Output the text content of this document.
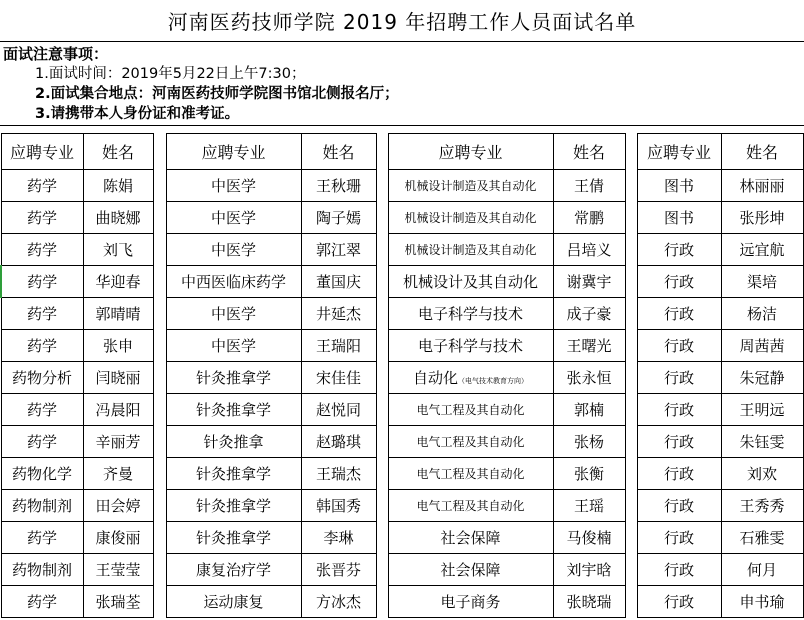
河南医药技师学院 2019 年招聘工作人员面试名单
面试注意事项：
1.面试时间：2019年5月22日上午7:30；
2.面试集合地点：河南医药技师学院图书馆北侧报名厅；
3.请携带本人身份证和准考证。
应聘专业	姓名		应聘专业	姓名		应聘专业	姓名		应聘专业	姓名
药学	陈娟		中医学	王秋珊		机械设计制造及其自动化	王倩		图书	林丽丽
药学	曲晓娜		中医学	陶子嫣		机械设计制造及其自动化	常鹏		图书	张彤坤
药学	刘飞		中医学	郭江翠		机械设计制造及其自动化	吕培义		行政	远宜航
药学	华迎春		中西医临床药学	董国庆		机械设计及其自动化	谢冀宇		行政	渠培
药学	郭晴晴		中医学	井延杰		电子科学与技术	成子豪		行政	杨洁
药学	张申		中医学	王瑞阳		电子科学与技术	王曙光		行政	周茜茜
药物分析	闫晓丽		针灸推拿学	宋佳佳		自动化（电气技术教育方向）	张永恒		行政	朱冠静
药学	冯晨阳		针灸推拿学	赵悦同		电气工程及其自动化	郭楠		行政	王明远
药学	辛丽芳		针灸推拿	赵璐琪		电气工程及其自动化	张杨		行政	朱钰雯
药物化学	齐曼		针灸推拿学	王瑞杰		电气工程及其自动化	张衡		行政	刘欢
药物制剂	田会婷		针灸推拿学	韩国秀		电气工程及其自动化	王瑶		行政	王秀秀
药学	康俊丽		针灸推拿学	李琳		社会保障	马俊楠		行政	石雅雯
药物制剂	王莹莹		康复治疗学	张晋芬		社会保障	刘宇晗		行政	何月
药学	张瑞荃		运动康复	方冰杰		电子商务	张晓瑞		行政	申书瑜
